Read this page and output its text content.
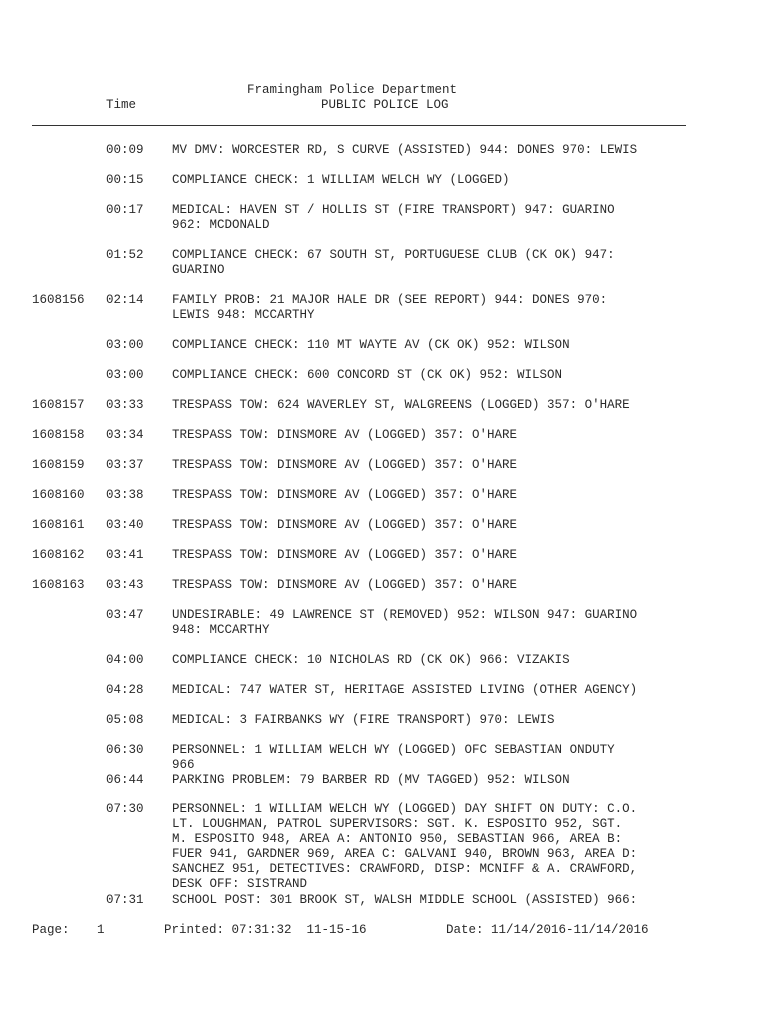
Framingham Police Department
Time	PUBLIC POLICE LOG
00:09 MV DMV: WORCESTER RD, S CURVE (ASSISTED) 944: DONES 970: LEWIS
00:15 COMPLIANCE CHECK: 1 WILLIAM WELCH WY (LOGGED)
00:17 MEDICAL: HAVEN ST / HOLLIS ST (FIRE TRANSPORT) 947: GUARINO
962: MCDONALD
01:52 COMPLIANCE CHECK: 67 SOUTH ST, PORTUGUESE CLUB (CK OK) 947:
GUARINO
1608156 02:14 FAMILY PROB: 21 MAJOR HALE DR (SEE REPORT) 944: DONES 970:
LEWIS 948: MCCARTHY
03:00 COMPLIANCE CHECK: 110 MT WAYTE AV (CK OK) 952: WILSON
03:00 COMPLIANCE CHECK: 600 CONCORD ST (CK OK) 952: WILSON
1608157 03:33 TRESPASS TOW: 624 WAVERLEY ST, WALGREENS (LOGGED) 357: O'HARE
1608158 03:34 TRESPASS TOW: DINSMORE AV (LOGGED) 357: O'HARE
1608159 03:37 TRESPASS TOW: DINSMORE AV (LOGGED) 357: O'HARE
1608160 03:38 TRESPASS TOW: DINSMORE AV (LOGGED) 357: O'HARE
1608161 03:40 TRESPASS TOW: DINSMORE AV (LOGGED) 357: O'HARE
1608162 03:41 TRESPASS TOW: DINSMORE AV (LOGGED) 357: O'HARE
1608163 03:43 TRESPASS TOW: DINSMORE AV (LOGGED) 357: O'HARE
03:47 UNDESIRABLE: 49 LAWRENCE ST (REMOVED) 952: WILSON 947: GUARINO
948: MCCARTHY
04:00 COMPLIANCE CHECK: 10 NICHOLAS RD (CK OK) 966: VIZAKIS
04:28 MEDICAL: 747 WATER ST, HERITAGE ASSISTED LIVING (OTHER AGENCY)
05:08 MEDICAL: 3 FAIRBANKS WY (FIRE TRANSPORT) 970: LEWIS
06:30 PERSONNEL: 1 WILLIAM WELCH WY (LOGGED) OFC SEBASTIAN ONDUTY
966
06:44 PARKING PROBLEM: 79 BARBER RD (MV TAGGED) 952: WILSON
07:30 PERSONNEL: 1 WILLIAM WELCH WY (LOGGED) DAY SHIFT ON DUTY: C.O.
LT. LOUGHMAN, PATROL SUPERVISORS: SGT. K. ESPOSITO 952, SGT.
M. ESPOSITO 948, AREA A: ANTONIO 950, SEBASTIAN 966, AREA B:
FUER 941, GARDNER 969, AREA C: GALVANI 940, BROWN 963, AREA D:
SANCHEZ 951, DETECTIVES: CRAWFORD, DISP: MCNIFF & A. CRAWFORD,
DESK OFF: SISTRAND
07:31 SCHOOL POST: 301 BROOK ST, WALSH MIDDLE SCHOOL (ASSISTED) 966:
Page: 1	Printed: 07:31:32  11-15-16	Date: 11/14/2016-11/14/2016
